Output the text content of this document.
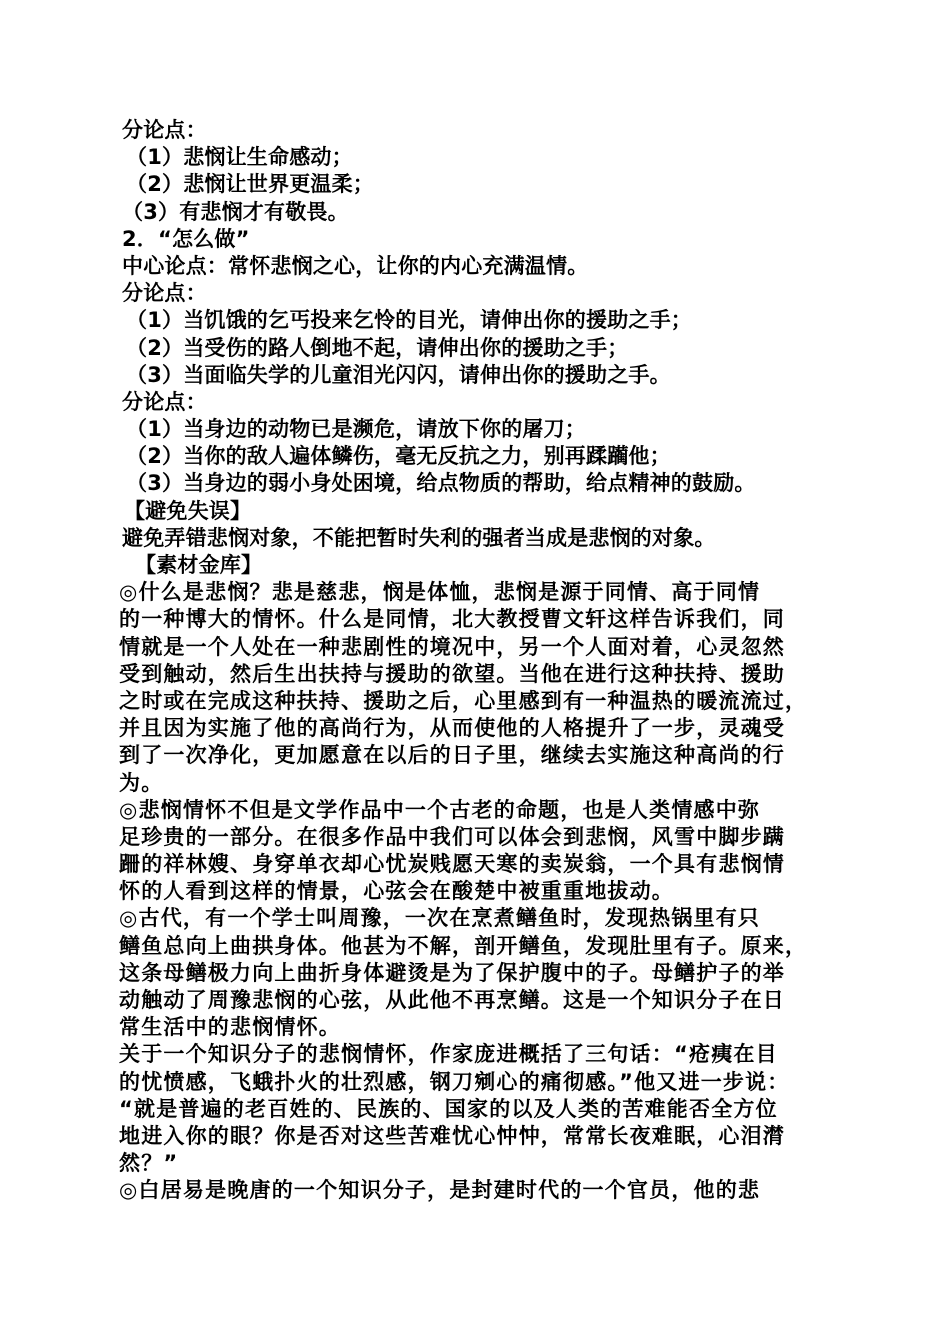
分论点：
（1）悲悯让生命感动；
（2）悲悯让世界更温柔；
（3）有悲悯才有敬畏。
2．“怎么做”
中心论点：常怀悲悯之心，让你的内心充满温情。
分论点：
（1）当饥饿的乞丐投来乞怜的目光，请伸出你的援助之手；
（2）当受伤的路人倒地不起，请伸出你的援助之手；
（3）当面临失学的儿童泪光闪闪，请伸出你的援助之手。
分论点：
（1）当身边的动物已是濒危，请放下你的屠刀；
（2）当你的敌人遍体鳞伤，毫无反抗之力，别再蹂躏他；
（3）当身边的弱小身处困境，给点物质的帮助，给点精神的鼓励。
【避免失误】
避免弄错悲悯对象，不能把暂时失利的强者当成是悲悯的对象。
【素材金库】
◎什么是悲悯？悲是慈悲，悯是体恤，悲悯是源于同情、高于同情
的一种博大的情怀。什么是同情，北大教授曹文轩这样告诉我们，同
情就是一个人处在一种悲剧性的境况中，另一个人面对着，心灵忽然
受到触动，然后生出扶持与援助的欲望。当他在进行这种扶持、援助
之时或在完成这种扶持、援助之后，心里感到有一种温热的暖流流过，
并且因为实施了他的高尚行为，从而使他的人格提升了一步，灵魂受
到了一次净化，更加愿意在以后的日子里，继续去实施这种高尚的行
为。
◎悲悯情怀不但是文学作品中一个古老的命题，也是人类情感中弥
足珍贵的一部分。在很多作品中我们可以体会到悲悯，风雪中脚步蹒
跚的祥林嫂、身穿单衣却心忧炭贱愿天寒的卖炭翁，一个具有悲悯情
怀的人看到这样的情景，心弦会在酸楚中被重重地拔动。
◎古代，有一个学士叫周豫，一次在烹煮鳝鱼时，发现热锅里有只
鳝鱼总向上曲拱身体。他甚为不解，剖开鳝鱼，发现肚里有子。原来，
这条母鳝极力向上曲折身体避烫是为了保护腹中的子。母鳝护子的举
动触动了周豫悲悯的心弦，从此他不再烹鳝。这是一个知识分子在日
常生活中的悲悯情怀。
关于一个知识分子的悲悯情怀，作家庞进概括了三句话：“疮痍在目
的忧愤感，飞蛾扑火的壮烈感，钢刀剜心的痛彻感。”他又进一步说：
“就是普遍的老百姓的、民族的、国家的以及人类的苦难能否全方位
地进入你的眼？你是否对这些苦难忧心忡忡，常常长夜难眠，心泪潸
然？”
◎白居易是晚唐的一个知识分子，是封建时代的一个官员，他的悲
